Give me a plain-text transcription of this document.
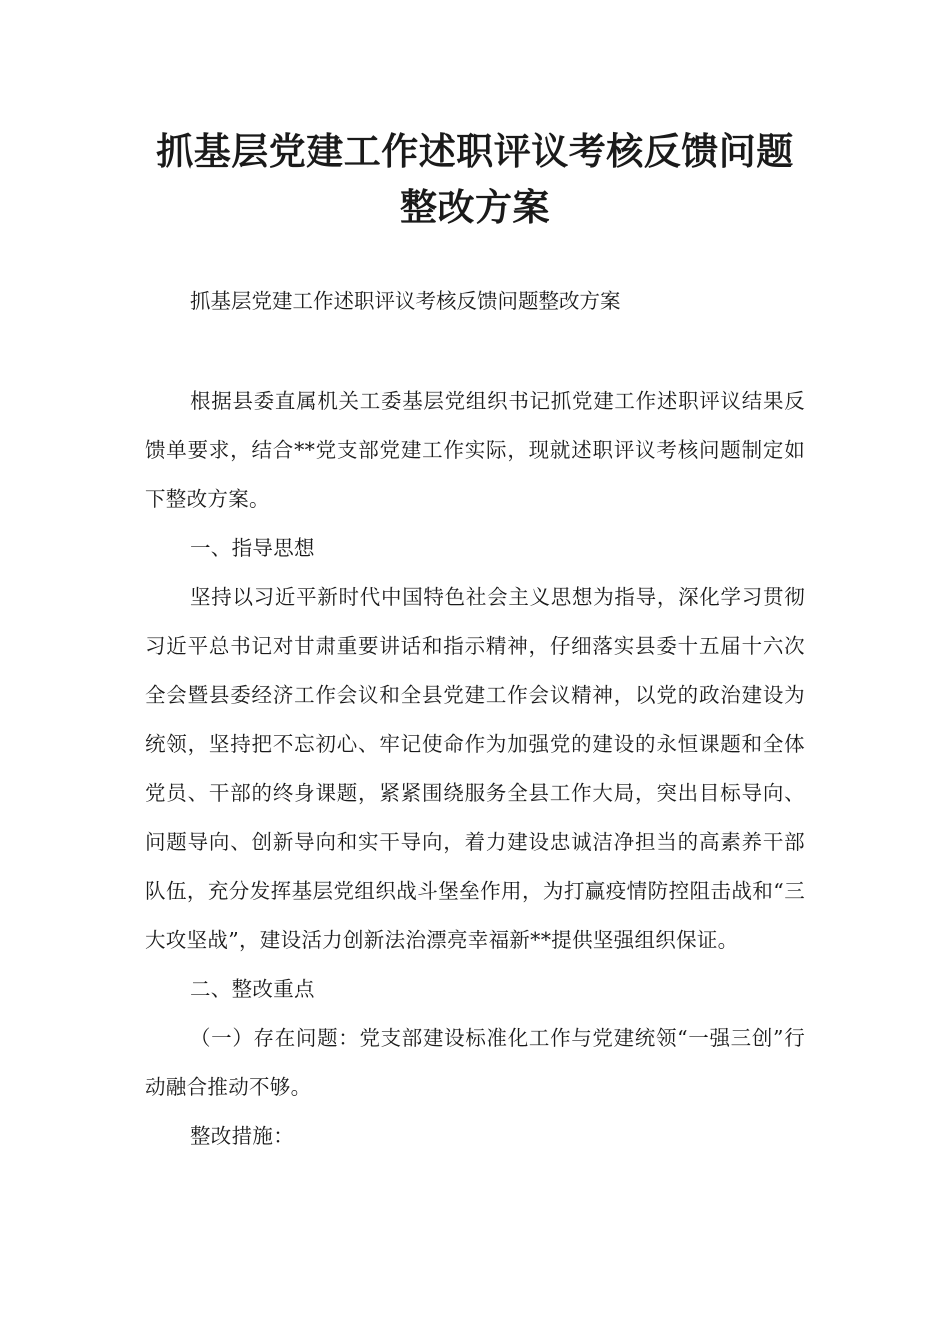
抓基层党建工作述职评议考核反馈问题
整改方案

抓基层党建工作述职评议考核反馈问题整改方案

根据县委直属机关工委基层党组织书记抓党建工作述职评议结果反馈单要求，结合**党支部党建工作实际，现就述职评议考核问题制定如下整改方案。

一、指导思想

坚持以习近平新时代中国特色社会主义思想为指导，深化学习贯彻习近平总书记对甘肃重要讲话和指示精神，仔细落实县委十五届十六次全会暨县委经济工作会议和全县党建工作会议精神，以党的政治建设为统领，坚持把不忘初心、牢记使命作为加强党的建设的永恒课题和全体党员、干部的终身课题，紧紧围绕服务全县工作大局，突出目标导向、问题导向、创新导向和实干导向，着力建设忠诚洁净担当的高素养干部队伍，充分发挥基层党组织战斗堡垒作用，为打赢疫情防控阻击战和“三大攻坚战”，建设活力创新法治漂亮幸福新**提供坚强组织保证。

二、整改重点

（一）存在问题：党支部建设标准化工作与党建统领“一强三创”行动融合推动不够。

整改措施：
